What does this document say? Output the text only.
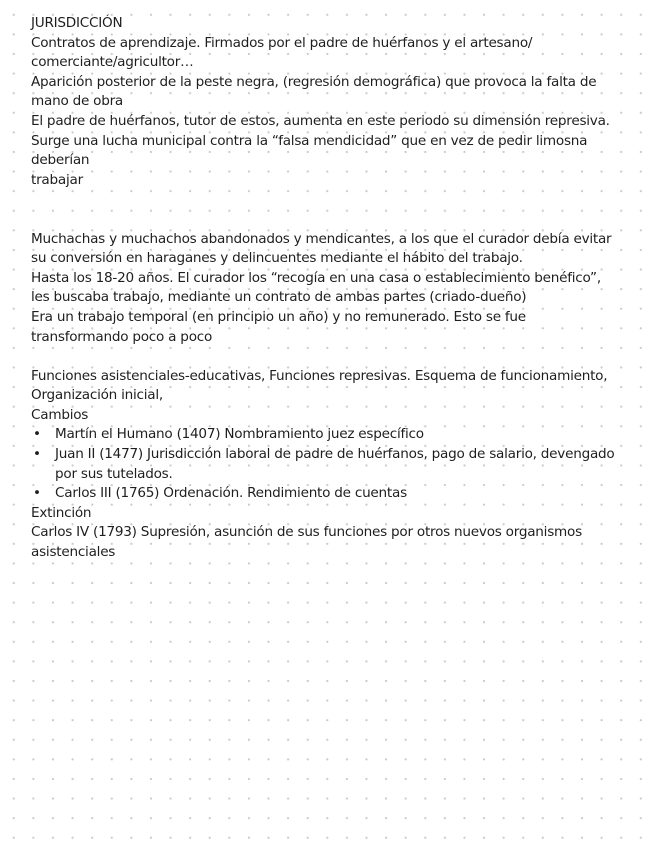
JURISDICCIÓN
Contratos de aprendizaje. Firmados por el padre de huérfanos y el artesano/ comerciante/agricultor…
Aparición posterior de la peste negra, (regresión demográfica) que provoca la falta de mano de obra
El padre de huérfanos, tutor de estos, aumenta en este periodo su dimensión represiva.
Surge una lucha municipal contra la “falsa mendicidad” que en vez de pedir limosna deberían
trabajar
Muchachas y muchachos abandonados y mendicantes, a los que el curador debía evitar su conversión en haraganes y delincuentes mediante el hábito del trabajo.
Hasta los 18-20 años. El curador los “recogía en una casa o establecimiento benéfico”, les buscaba trabajo, mediante un contrato de ambas partes (criado-dueño)
Era un trabajo temporal (en principio un año) y no remunerado. Esto se fue transformando poco a poco
Funciones asistenciales-educativas, Funciones represivas. Esquema de funcionamiento, Organización inicial,
Cambios
• Martín el Humano (1407) Nombramiento juez específico
• Juan II (1477) Jurisdicción laboral de padre de huérfanos, pago de salario, devengado por sus tutelados.
• Carlos III (1765) Ordenación. Rendimiento de cuentas
Extinción
Carlos IV (1793) Supresión, asunción de sus funciones por otros nuevos organismos asistenciales
